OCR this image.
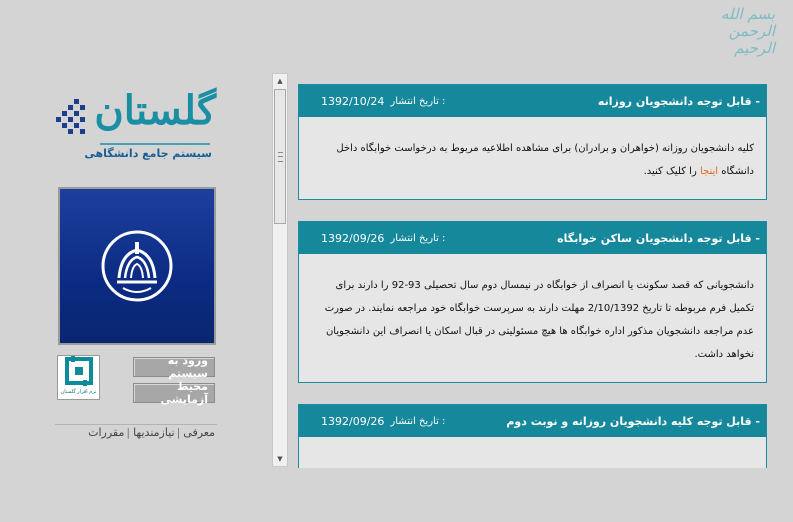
بسم الله
الرحمن
الرحیم
گلستان
سیستم جامع دانشگاهی
نرم افزار گلستان
ورود به سیستم
محیط آزمایشی
معرفی
|
نیازمندیها
|
مقررات
▲
▼
1392/10/24 تاریخ انتشار :	- قابل توجه دانشجویان روزانه
کلیه دانشجویان روزانه (خواهران و برادران) برای مشاهده اطلاعیه مربوط به درخواست خوابگاه داخل دانشگاه اینجا را کلیک کنید.
1392/09/26 تاریخ انتشار :	- قابل توجه دانشجویان ساکن خوابگاه
دانشجویانی که قصد سکونت یا انصراف از خوابگاه در نیمسال دوم سال تحصیلی 93-92 را دارند برای تکمیل فرم مربوطه تا تاریخ 2/10/1392 مهلت دارند به سرپرست خوابگاه خود مراجعه نمایند. در صورت عدم مراجعه دانشجویان مذکور اداره خوابگاه ها هیچ مسئولیتی در قبال اسکان یا انصراف این دانشجویان نخواهد داشت.
1392/09/26 تاریخ انتشار :	- قابل توجه کلیه دانشجویان روزانه و نوبت دوم
